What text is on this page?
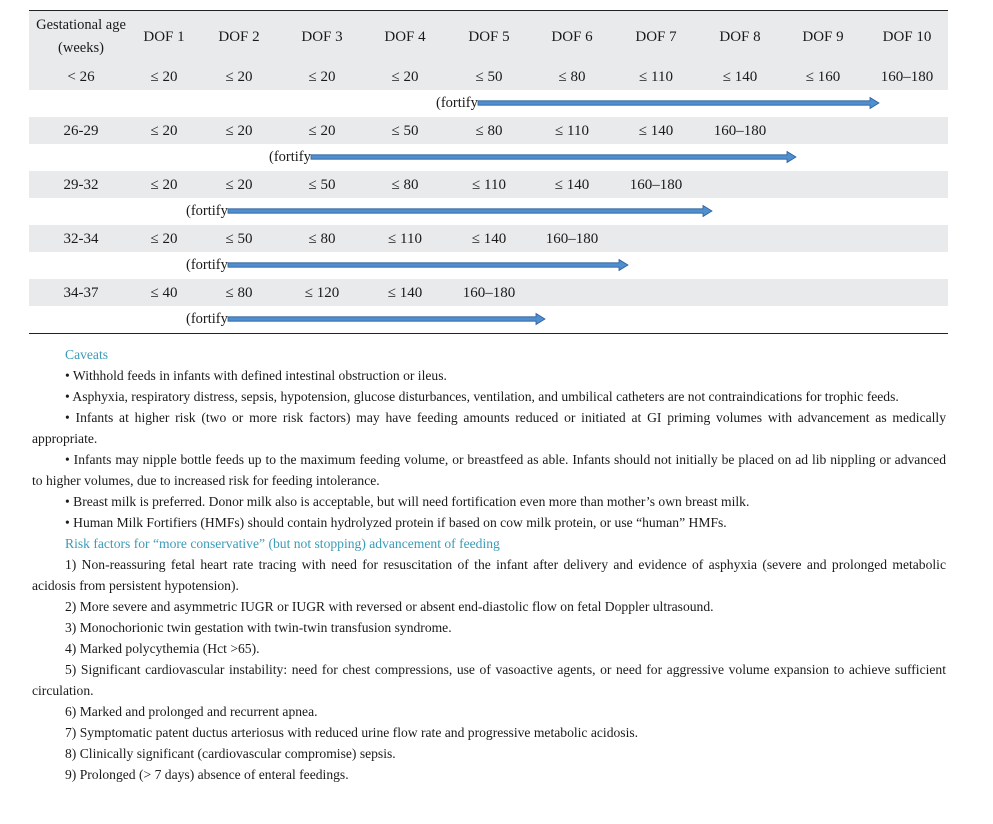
Gestational age
(weeks)
DOF 1 DOF 2	DOF 3	DOF 4	DOF 5	DOF 6	DOF 7	DOF 8	DOF 9	DOF 10
< 26	≤ 20	≤ 20	≤ 20	≤ 20	≤ 50	≤ 80	≤ 110	≤ 140	≤ 160	160–180
(fortify
26-29	≤ 20	≤ 20	≤ 20	≤ 50	≤ 80	≤ 110	≤ 140	160–180
(fortify
29-32	≤ 20	≤ 20	≤ 50	≤ 80	≤ 110	≤ 140	160–180
(fortify
32-34	≤ 20	≤ 50	≤ 80	≤ 110	≤ 140	160–180
(fortify
34-37	≤ 40	≤ 80	≤ 120	≤ 140	160–180
(fortify
Caveats
• Withhold feeds in infants with defined intestinal obstruction or ileus.
• Asphyxia, respiratory distress, sepsis, hypotension, glucose disturbances, ventilation, and umbilical catheters are not contraindications for trophic feeds.
• Infants at higher risk (two or more risk factors) may have feeding amounts reduced or initiated at GI priming volumes with advancement as medically appropriate.
• Infants may nipple bottle feeds up to the maximum feeding volume, or breastfeed as able. Infants should not initially be placed on ad lib nippling or advanced to higher volumes, due to increased risk for feeding intolerance.
• Breast milk is preferred. Donor milk also is acceptable, but will need fortification even more than mother’s own breast milk.
• Human Milk Fortifiers (HMFs) should contain hydrolyzed protein if based on cow milk protein, or use “human” HMFs.
Risk factors for “more conservative” (but not stopping) advancement of feeding
1) Non-reassuring fetal heart rate tracing with need for resuscitation of the infant after delivery and evidence of asphyxia (severe and prolonged metabolic acidosis from persistent hypotension).
2) More severe and asymmetric IUGR or IUGR with reversed or absent end-diastolic flow on fetal Doppler ultrasound.
3) Monochorionic twin gestation with twin-twin transfusion syndrome.
4) Marked polycythemia (Hct >65).
5) Significant cardiovascular instability: need for chest compressions, use of vasoactive agents, or need for aggressive volume expansion to achieve sufficient circulation.
6) Marked and prolonged and recurrent apnea.
7) Symptomatic patent ductus arteriosus with reduced urine flow rate and progressive metabolic acidosis.
8) Clinically significant (cardiovascular compromise) sepsis.
9) Prolonged (> 7 days) absence of enteral feedings.
